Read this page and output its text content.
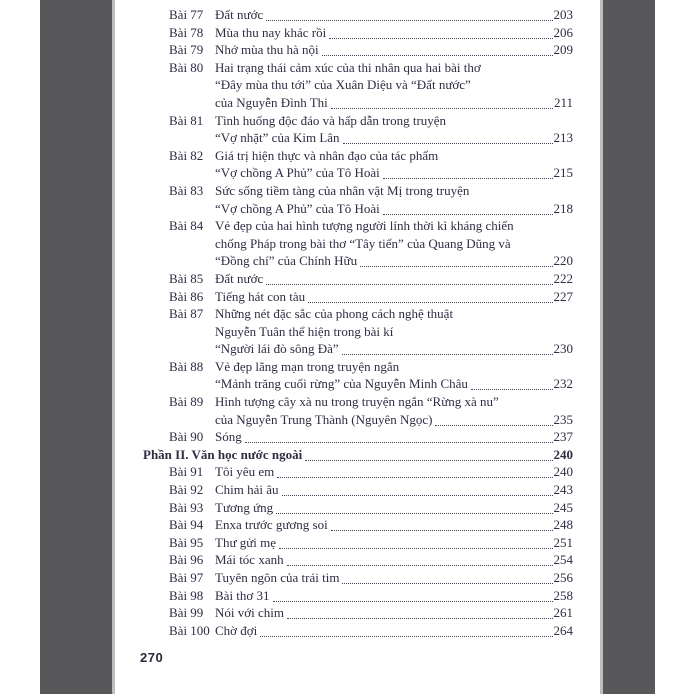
Bài 77 Đất nước	203
Bài 78 Mùa thu nay khác rồi	206
Bài 79 Nhớ mùa thu hà nội	209
Bài 80 Hai trạng thái cảm xúc của thi nhân qua hai bài thơ
“Đây mùa thu tới” của Xuân Diệu và “Đất nước”
của Nguyễn Đình Thi	211
Bài 81 Tình huống độc đáo và hấp dẫn trong truyện
“Vợ nhặt” của Kim Lân	213
Bài 82 Giá trị hiện thực và nhân đạo của tác phẩm
“Vợ chồng A Phủ” của Tô Hoài	215
Bài 83 Sức sống tiềm tàng của nhân vật Mị trong truyện
“Vợ chồng A Phủ” của Tô Hoài	218
Bài 84 Vẻ đẹp của hai hình tượng người lính thời kì kháng chiến
chống Pháp trong bài thơ “Tây tiến” của Quang Dũng và
“Đồng chí” của Chính Hữu	220
Bài 85 Đất nước	222
Bài 86 Tiếng hát con tàu	227
Bài 87 Những nét đặc sắc của phong cách nghệ thuật
Nguyễn Tuân thể hiện trong bài kí
“Người lái đò sông Đà”	230
Bài 88 Vẻ đẹp lãng mạn trong truyện ngắn
“Mảnh trăng cuối rừng” của Nguyễn Minh Châu	232
Bài 89 Hình tượng cây xà nu trong truyện ngắn “Rừng xà nu”
của Nguyễn Trung Thành (Nguyên Ngọc)	235
Bài 90 Sóng	237
Phần II. Văn học nước ngoài	240
Bài 91 Tôi yêu em	240
Bài 92 Chim hải âu	243
Bài 93 Tương ứng	245
Bài 94 Enxa trước gương soi	248
Bài 95 Thư gửi mẹ	251
Bài 96 Mái tóc xanh	254
Bài 97 Tuyên ngôn của trái tim	256
Bài 98 Bài thơ 31	258
Bài 99 Nói với chim	261
Bài 100 Chờ đợi	264
270
